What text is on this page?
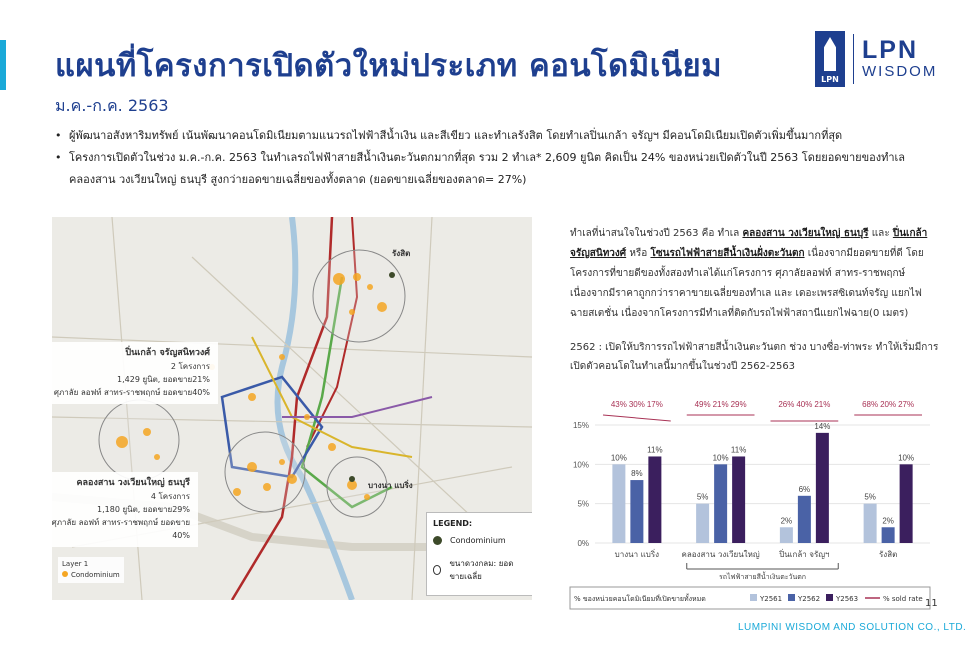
แผนที่โครงการเปิดตัวใหม่ประเภท คอนโดมิเนียม
ม.ค.-ก.ค. 2563
LPN
LPN
WISDOM
• ผู้พัฒนาอสังหาริมทรัพย์ เน้นพัฒนาคอนโดมิเนียมตามแนวรถไฟฟ้าสีน้ำเงิน และสีเขียว และทำเลรังสิต โดยทำเลปิ่นเกล้า จรัญฯ มีคอนโดมิเนียมเปิดตัวเพิ่มขึ้นมากที่สุด
• โครงการเปิดตัวในช่วง ม.ค.-ก.ค. 2563 ในทำเลรถไฟฟ้าสายสีน้ำเงินตะวันตกมากที่สุด รวม 2 ทำเล* 2,609 ยูนิต คิดเป็น 24% ของหน่วยเปิดตัวในปี 2563 โดยยอดขายของทำเล คลองสาน วงเวียนใหญ่ ธนบุรี สูงกว่ายอดขายเฉลี่ยของทั้งตลาด (ยอดขายเฉลี่ยของตลาด= 27%)
รังสิต
บางนา แบริ่ง
ปิ่นเกล้า จรัญสนิทวงศ์
2 โครงการ
1,429 ยูนิต, ยอดขาย21%
ศุภาลัย ลอฟท์ สาทร-ราชพฤกษ์ ยอดขาย40%
คลองสาน วงเวียนใหญ่ ธนบุรี
4 โครงการ
1,180 ยูนิต, ยอดขาย29%
ศุภาลัย ลอฟท์ สาทร-ราชพฤกษ์ ยอดขาย
40%
LEGEND:
Condominium
ขนาดวงกลม: ยอดขายเฉลี่ย
Layer 1
Condominium
ทำเลที่น่าสนใจในช่วงปี 2563 คือ ทำเล คลองสาน วงเวียนใหญ่ ธนบุรี และ ปิ่นเกล้า จรัญสนิทวงศ์ หรือ โซนรถไฟฟ้าสายสีน้ำเงินฝั่งตะวันตก เนื่องจากมียอดขายที่ดี โดยโครงการที่ขายดีของทั้งสองทำเลได้แก่โครงการ ศุภาลัยลอฟท์ สาทร-ราชพฤกษ์ เนื่องจากมีราคาถูกกว่าราคาขายเฉลี่ยของทำเล และ เดอะเพรสซิเดนท์จรัญ แยกไฟฉายสเตชั่น เนื่องจากโครงการมีทำเลที่ติดกับรถไฟฟ้าสถานีแยกไฟฉาย(0 เมตร)
2562 : เปิดให้บริการรถไฟฟ้าสายสีน้ำเงินตะวันตก ช่วง บางซื่อ-ท่าพระ ทำให้เริ่มมีการเปิดตัวคอนโดในทำเลนี้มากขึ้นในช่วงปี 2562-2563
0%
5%
10%
15%
10%
43%
8%
30%
11%
17%
บางนา แบริ่ง
5%
49%
10%
21%
11%
29%
คลองสาน วงเวียนใหญ่
2%
26%
6%
40%
14%
21%
ปิ่นเกล้า จรัญฯ
5%
68%
2%
20%
10%
27%
รังสิต
รถไฟฟ้าสายสีน้ำเงินตะวันตก
% ของหน่วยคอนโดมิเนียมที่เปิดขายทั้งหมด	Y2561 Y2562 Y2563	% sold rate 11
LUMPINI WISDOM AND SOLUTION CO., LTD.
